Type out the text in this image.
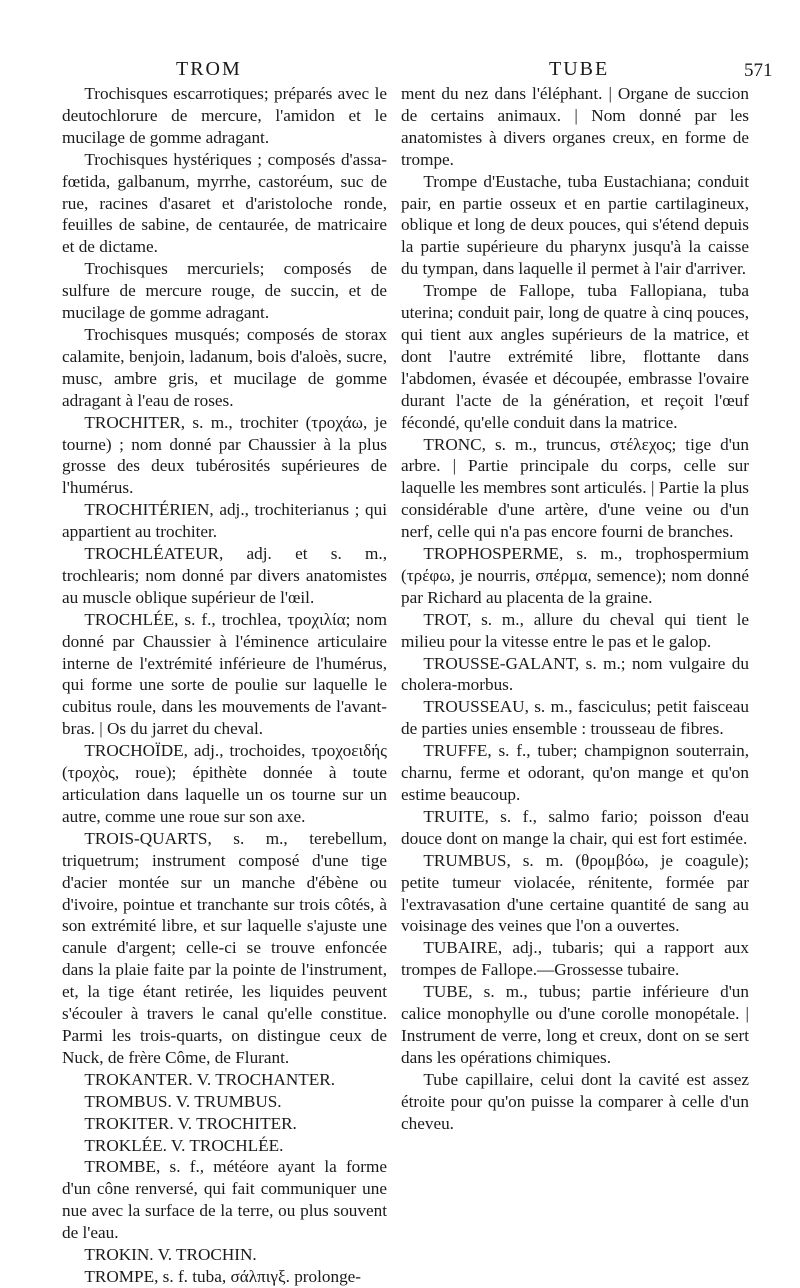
TROM	TUBE	571

Trochisques escarrotiques; préparés avec le deutochlorure de mercure, l'amidon et le mucilage de gomme adragant.

Trochisques hystériques ; composés d'assa-fœtida, galbanum, myrrhe, castoréum, suc de rue, racines d'asaret et d'aristoloche ronde, feuilles de sabine, de centaurée, de matricaire et de dictame.

Trochisques mercuriels; composés de sulfure de mercure rouge, de succin, et de mucilage de gomme adragant.

Trochisques musqués; composés de storax calamite, benjoin, ladanum, bois d'aloès, sucre, musc, ambre gris, et mucilage de gomme adragant à l'eau de roses.

TROCHITER, s. m., trochiter (τροχάω, je tourne) ; nom donné par Chaussier à la plus grosse des deux tubérosités supérieures de l'humérus.

TROCHITÉRIEN, adj., trochiterianus ; qui appartient au trochiter.

TROCHLÉATEUR, adj. et s. m., trochlearis; nom donné par divers anatomistes au muscle oblique supérieur de l'œil.

TROCHLÉE, s. f., trochlea, τροχιλία; nom donné par Chaussier à l'éminence articulaire interne de l'extrémité inférieure de l'humérus, qui forme une sorte de poulie sur laquelle le cubitus roule, dans les mouvements de l'avant-bras. | Os du jarret du cheval.

TROCHOÏDE, adj., trochoides, τροχοειδής (τροχὸς, roue); épithète donnée à toute articulation dans laquelle un os tourne sur un autre, comme une roue sur son axe.

TROIS-QUARTS, s. m., terebellum, triquetrum; instrument composé d'une tige d'acier montée sur un manche d'ébène ou d'ivoire, pointue et tranchante sur trois côtés, à son extrémité libre, et sur laquelle s'ajuste une canule d'argent; celle-ci se trouve enfoncée dans la plaie faite par la pointe de l'instrument, et, la tige étant retirée, les liquides peuvent s'écouler à travers le canal qu'elle constitue. Parmi les trois-quarts, on distingue ceux de Nuck, de frère Côme, de Flurant.

TROKANTER. V. TROCHANTER.

TROMBUS. V. TRUMBUS.

TROKITER. V. TROCHITER.

TROKLÉE. V. TROCHLÉE.

TROMBE, s. f., météore ayant la forme d'un cône renversé, qui fait communiquer une nue avec la surface de la terre, ou plus souvent de l'eau.

TROKIN. V. TROCHIN.

TROMPE, s. f. tuba, σάλπιγξ. prolonge-

ment du nez dans l'éléphant. | Organe de succion de certains animaux. | Nom donné par les anatomistes à divers organes creux, en forme de trompe.

Trompe d'Eustache, tuba Eustachiana; conduit pair, en partie osseux et en partie cartilagineux, oblique et long de deux pouces, qui s'étend depuis la partie supérieure du pharynx jusqu'à la caisse du tympan, dans laquelle il permet à l'air d'arriver.

Trompe de Fallope, tuba Fallopiana, tuba uterina; conduit pair, long de quatre à cinq pouces, qui tient aux angles supérieurs de la matrice, et dont l'autre extrémité libre, flottante dans l'abdomen, évasée et découpée, embrasse l'ovaire durant l'acte de la génération, et reçoit l'œuf fécondé, qu'elle conduit dans la matrice.

TRONC, s. m., truncus, στέλεχος; tige d'un arbre. | Partie principale du corps, celle sur laquelle les membres sont articulés. | Partie la plus considérable d'une artère, d'une veine ou d'un nerf, celle qui n'a pas encore fourni de branches.

TROPHOSPERME, s. m., trophospermium (τρέφω, je nourris, σπέρμα, semence); nom donné par Richard au placenta de la graine.

TROT, s. m., allure du cheval qui tient le milieu pour la vitesse entre le pas et le galop.

TROUSSE-GALANT, s. m.; nom vulgaire du cholera-morbus.

TROUSSEAU, s. m., fasciculus; petit faisceau de parties unies ensemble : trousseau de fibres.

TRUFFE, s. f., tuber; champignon souterrain, charnu, ferme et odorant, qu'on mange et qu'on estime beaucoup.

TRUITE, s. f., salmo fario; poisson d'eau douce dont on mange la chair, qui est fort estimée.

TRUMBUS, s. m. (θρομβόω, je coagule); petite tumeur violacée, rénitente, formée par l'extravasation d'une certaine quantité de sang au voisinage des veines que l'on a ouvertes.

TUBAIRE, adj., tubaris; qui a rapport aux trompes de Fallope.—Grossesse tubaire.

TUBE, s. m., tubus; partie inférieure d'un calice monophylle ou d'une corolle monopétale. | Instrument de verre, long et creux, dont on se sert dans les opérations chimiques.

Tube capillaire, celui dont la cavité est assez étroite pour qu'on puisse la comparer à celle d'un cheveu.
